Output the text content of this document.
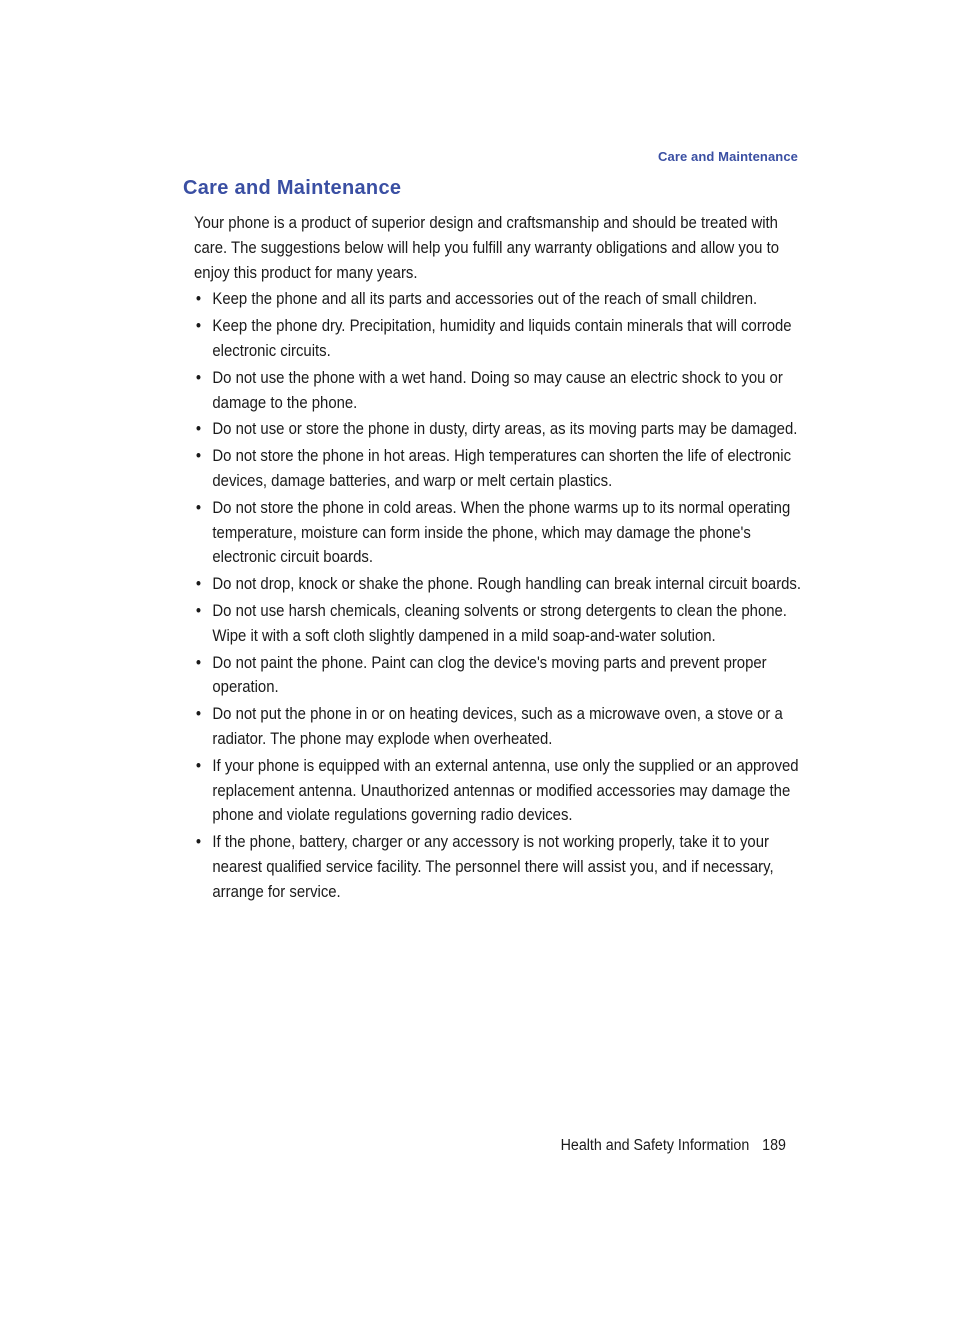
Care and Maintenance
Care and Maintenance

Your phone is a product of superior design and craftsmanship and should be treated with care. The suggestions below will help you fulfill any warranty obligations and allow you to enjoy this product for many years.

• Keep the phone and all its parts and accessories out of the reach of small children.
• Keep the phone dry. Precipitation, humidity and liquids contain minerals that will corrode electronic circuits.
• Do not use the phone with a wet hand. Doing so may cause an electric shock to you or damage to the phone.
• Do not use or store the phone in dusty, dirty areas, as its moving parts may be damaged.
• Do not store the phone in hot areas. High temperatures can shorten the life of electronic devices, damage batteries, and warp or melt certain plastics.
• Do not store the phone in cold areas. When the phone warms up to its normal operating temperature, moisture can form inside the phone, which may damage the phone's electronic circuit boards.
• Do not drop, knock or shake the phone. Rough handling can break internal circuit boards.
• Do not use harsh chemicals, cleaning solvents or strong detergents to clean the phone. Wipe it with a soft cloth slightly dampened in a mild soap-and-water solution.
• Do not paint the phone. Paint can clog the device's moving parts and prevent proper operation.
• Do not put the phone in or on heating devices, such as a microwave oven, a stove or a radiator. The phone may explode when overheated.
• If your phone is equipped with an external antenna, use only the supplied or an approved replacement antenna. Unauthorized antennas or modified accessories may damage the phone and violate regulations governing radio devices.
• If the phone, battery, charger or any accessory is not working properly, take it to your nearest qualified service facility. The personnel there will assist you, and if necessary, arrange for service.
Health and Safety Information 189
